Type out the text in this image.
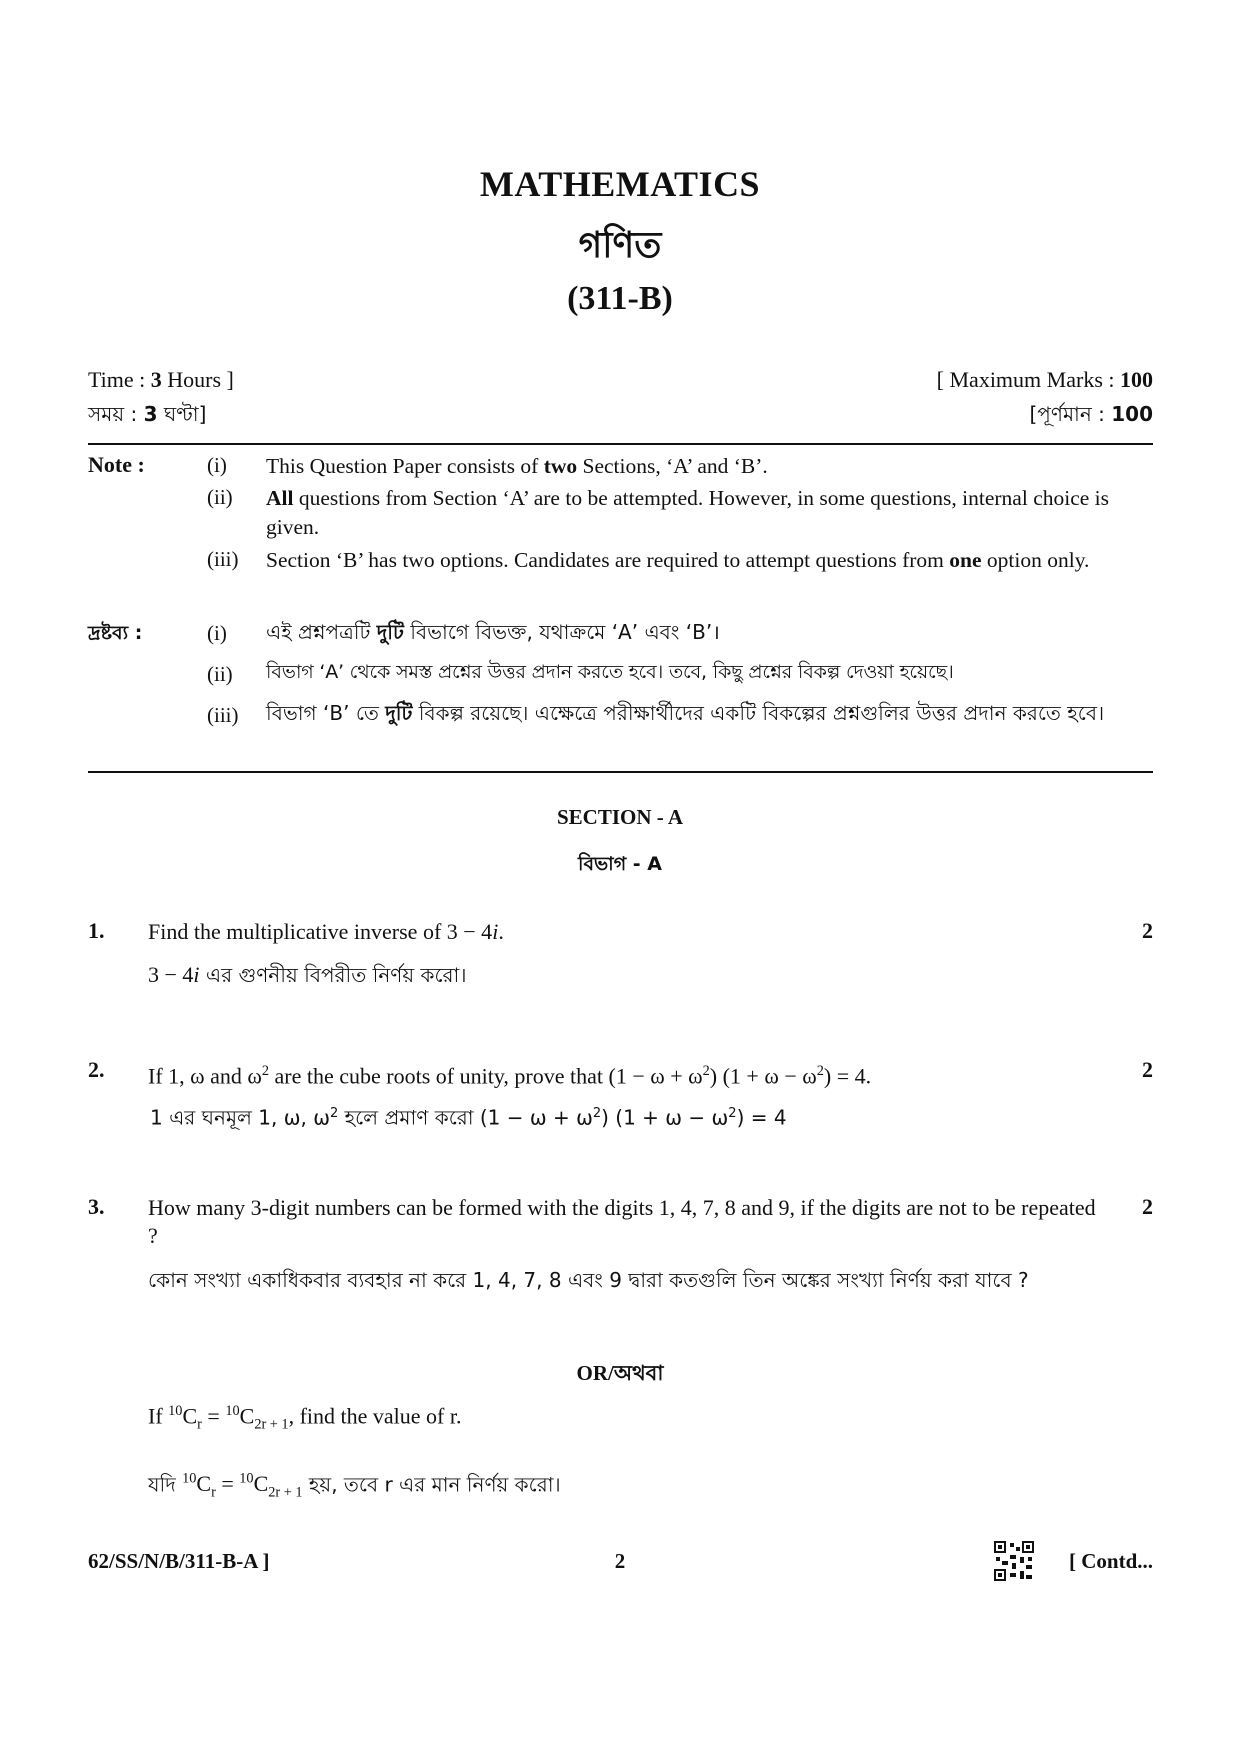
MATHEMATICS
গণিত
(311-B)
Time : 3 Hours ]
সময় : 3 ঘণ্টা]
[ Maximum Marks : 100
[পূর্ণমান : 100
Note :	(i) This Question Paper consists of two Sections, ‘A’ and ‘B’.
(ii) All questions from Section ‘A’ are to be attempted. However, in some questions, internal choice is given.
(iii) Section ‘B’ has two options. Candidates are required to attempt questions from one option only.
দ্রষ্টব্য :	(i) এই প্রশ্নপত্রটি দুটি বিভাগে বিভক্ত, যথাক্রমে ‘A’ এবং ‘B’।
(ii) বিভাগ ‘A’ থেকে সমস্ত প্রশ্নের উত্তর প্রদান করতে হবে। তবে, কিছু প্রশ্নের বিকল্প দেওয়া হয়েছে।
(iii) বিভাগ ‘B’ তে দুটি বিকল্প রয়েছে। এক্ষেত্রে পরীক্ষার্থীদের একটি বিকল্পের প্রশ্নগুলির উত্তর প্রদান করতে হবে।
SECTION - A
বিভাগ - A
1. Find the multiplicative inverse of 3 − 4i.	2
3 − 4i এর গুণনীয় বিপরীত নির্ণয় করো।
2. If 1, ω and $\omega^2$ are the cube roots of unity, prove that $(1 - \omega + \omega^2)$ $(1 + \omega - \omega^2) = 4$.	2
1 এর ঘনমূল 1, ω, $\omega^2$ হলে প্রমাণ করো $(1 - \omega + \omega^2)$ $(1 + \omega - \omega^2) = 4$
3. How many 3-digit numbers can be formed with the digits 1, 4, 7, 8 and 9, if the digits are not to be repeated ?
2
কোন সংখ্যা একাধিকবার ব্যবহার না করে 1, 4, 7, 8 এবং 9 দ্বারা কতগুলি তিন অঙ্কের সংখ্যা নির্ণয় করা যাবে ?
OR/অথবা
If $^{10}C_r = ^{10}C_{2r + 1}$, find the value of r.
যদি $^{10}C_r = ^{10}C_{2r + 1}$ হয়, তবে r এর মান নির্ণয় করো।
62/SS/N/B/311-B-A ]	2	[ Contd...
